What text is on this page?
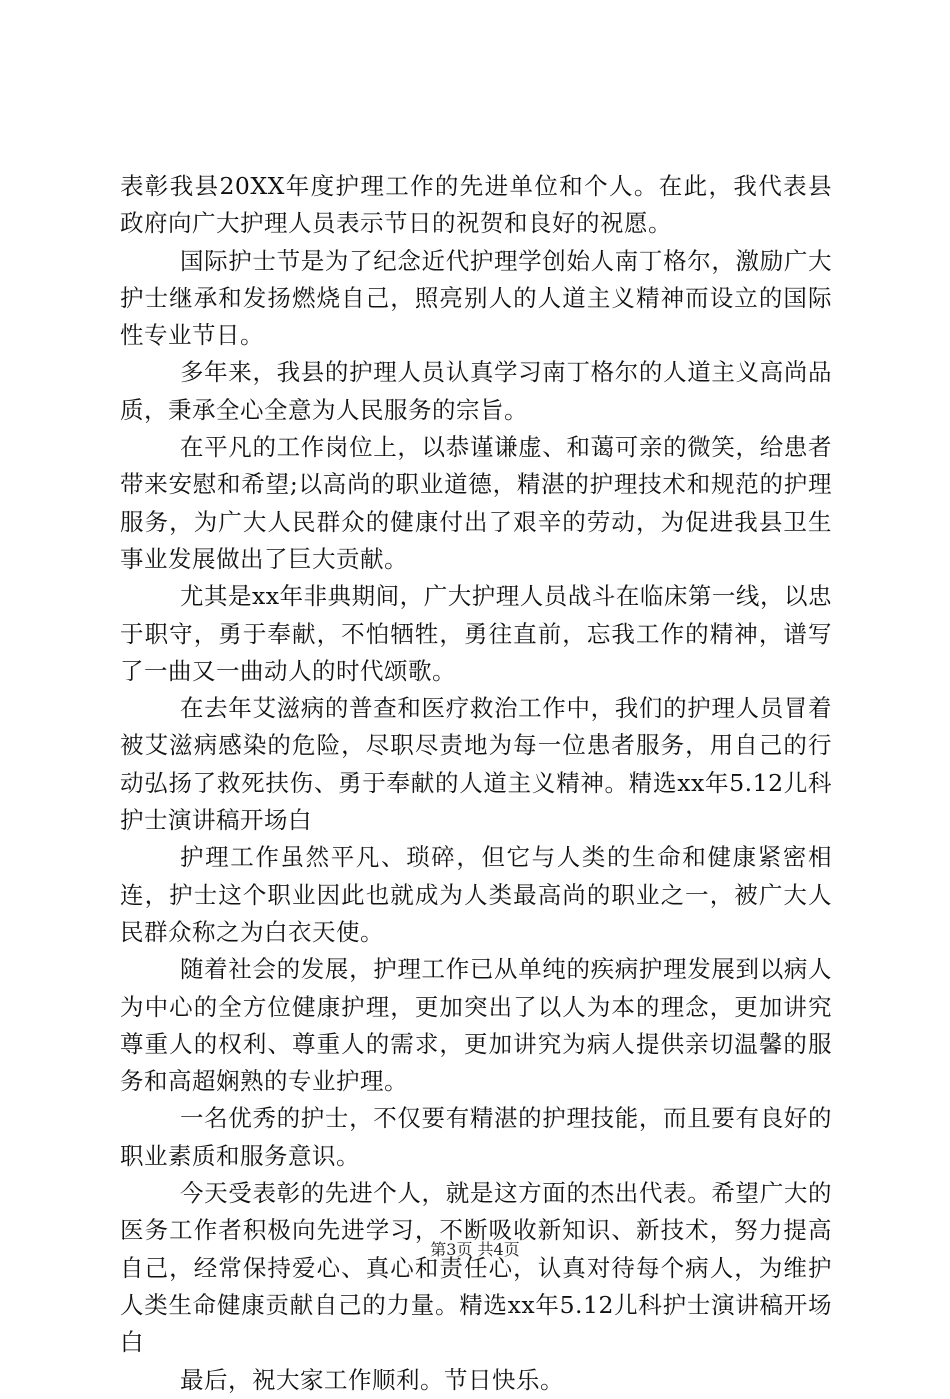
表彰我县20XX年度护理工作的先进单位和个人。在此，我代表县政府向广大护理人员表示节日的祝贺和良好的祝愿。

国际护士节是为了纪念近代护理学创始人南丁格尔，激励广大护士继承和发扬燃烧自己，照亮别人的人道主义精神而设立的国际性专业节日。

多年来，我县的护理人员认真学习南丁格尔的人道主义高尚品质，秉承全心全意为人民服务的宗旨。

在平凡的工作岗位上，以恭谨谦虚、和蔼可亲的微笑，给患者带来安慰和希望;以高尚的职业道德，精湛的护理技术和规范的护理服务，为广大人民群众的健康付出了艰辛的劳动，为促进我县卫生事业发展做出了巨大贡献。

尤其是xx年非典期间，广大护理人员战斗在临床第一线，以忠于职守，勇于奉献，不怕牺牲，勇往直前，忘我工作的精神，谱写了一曲又一曲动人的时代颂歌。

在去年艾滋病的普查和医疗救治工作中，我们的护理人员冒着被艾滋病感染的危险，尽职尽责地为每一位患者服务，用自己的行动弘扬了救死扶伤、勇于奉献的人道主义精神。精选xx年5.12儿科护士演讲稿开场白

护理工作虽然平凡、琐碎，但它与人类的生命和健康紧密相连，护士这个职业因此也就成为人类最高尚的职业之一，被广大人民群众称之为白衣天使。

随着社会的发展，护理工作已从单纯的疾病护理发展到以病人为中心的全方位健康护理，更加突出了以人为本的理念，更加讲究尊重人的权利、尊重人的需求，更加讲究为病人提供亲切温馨的服务和高超娴熟的专业护理。

一名优秀的护士，不仅要有精湛的护理技能，而且要有良好的职业素质和服务意识。

今天受表彰的先进个人，就是这方面的杰出代表。希望广大的医务工作者积极向先进学习，不断吸收新知识、新技术，努力提高自己，经常保持爱心、真心和责任心，认真对待每个病人，为维护人类生命健康贡献自己的力量。精选xx年5.12儿科护士演讲稿开场白

最后，祝大家工作顺利。节日快乐。

第3页 共4页
